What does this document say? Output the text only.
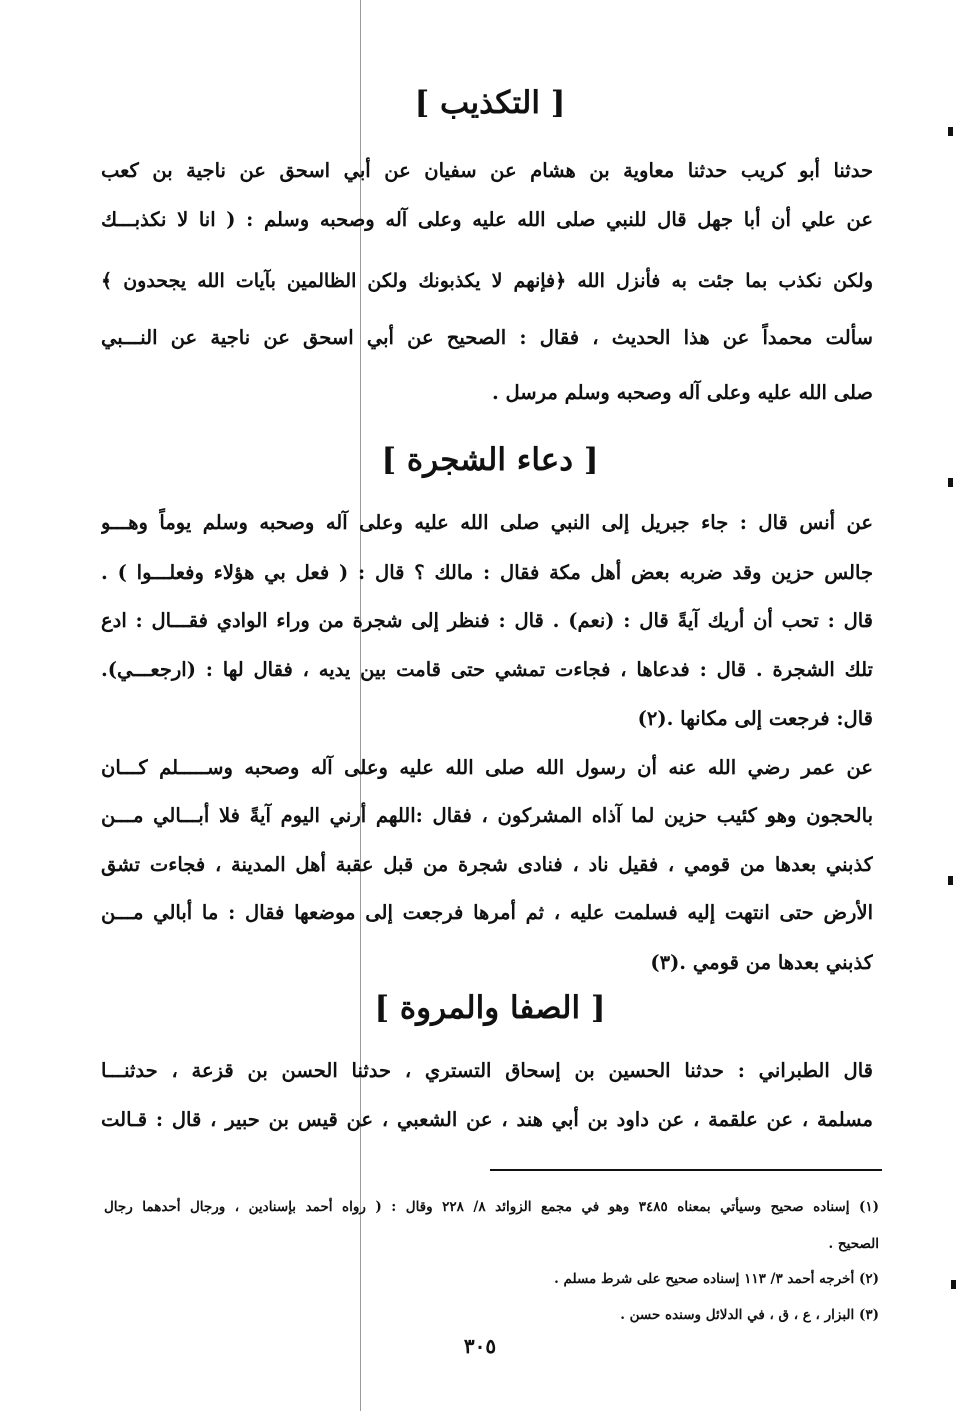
[ التكذيب ]
حدثنا أبو كريب حدثنا معاوية بن هشام عن سفيان عن أبي اسحق عن ناجية بن كعب
عن علي أن أبا جهل قال للنبي صلى الله عليه وعلى آله وصحبه وسلم : ( انا لا نكذبـــك
ولكن نكذب بما جئت به فأنزل الله ﴿فإنهم لا يكذبونك ولكن الظالمين بآيات الله يجحدون ﴾
سألت محمداً عن هذا الحديث ، فقال : الصحيح عن أبي اسحق عن ناجية عن النـــبي
صلى الله عليه وعلى آله وصحبه وسلم مرسل .
[ دعاء الشجرة ]
عن أنس قال : جاء جبريل إلى النبي صلى الله عليه وعلى آله وصحبه وسلم يوماً وهـــو
جالس حزين وقد ضربه بعض أهل مكة فقال : مالك ؟ قال : ( فعل بي هؤلاء وفعلـــوا ) .
قال : تحب أن أريك آيةً قال : (نعم) . قال : فنظر إلى شجرة من وراء الوادي فقـــال : ادع
تلك الشجرة . قال : فدعاها ، فجاءت تمشي حتى قامت بين يديه ، فقال لها : (ارجعـــي).
قال: فرجعت إلى مكانها .(٢)
عن عمر رضي الله عنه أن رسول الله صلى الله عليه وعلى آله وصحبه وســـــلم كـــان
بالحجون وهو كئيب حزين لما آذاه المشركون ، فقال :اللهم أرني اليوم آيةً فلا أبـــالي مـــن
كذبني بعدها من قومي ، فقيل ناد ، فنادى شجرة من قبل عقبة أهل المدينة ، فجاءت تشق
الأرض حتى انتهت إليه فسلمت عليه ، ثم أمرها فرجعت إلى موضعها فقال : ما أبالي مـــن
كذبني بعدها من قومي .(٣)
[ الصفا والمروة ]
قال الطبراني : حدثنا الحسين بن إسحاق التستري ، حدثنا الحسن بن قزعة ، حدثنـــا
مسلمة ، عن علقمة ، عن داود بن أبي هند ، عن الشعبي ، عن قيس بن حبير ، قال : قـالت
(١) إسناده صحيح وسيأتي بمعناه ٣٤٨٥ وهو في مجمع الزوائد ٨/ ٢٢٨ وقال : ( رواه أحمد بإسنادين ، ورجال أحدهما رجال
الصحيح .
(٢) أخرجه أحمد ٣/ ١١٣ إسناده صحيح على شرط مسلم .
(٣) البزار ، ع ، ق ، في الدلائل وسنده حسن .
٣٠٥
